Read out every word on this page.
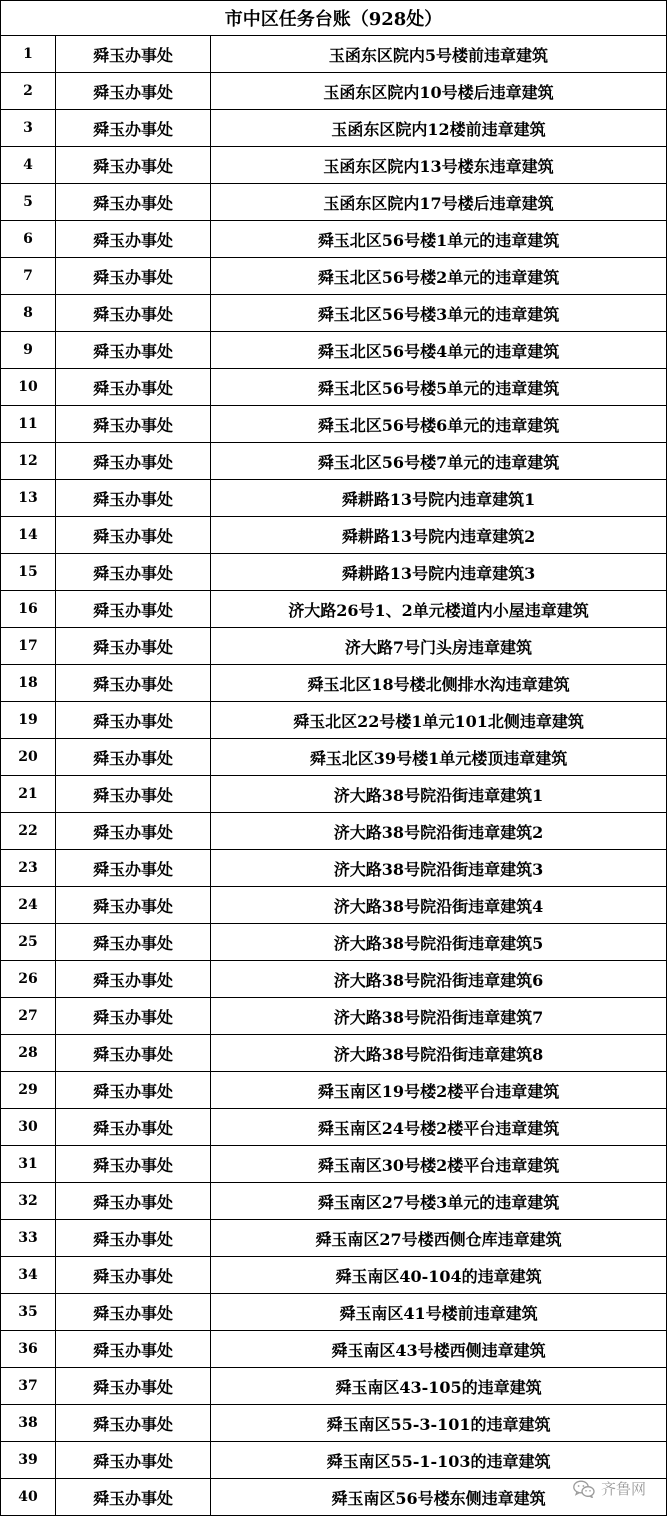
市中区任务台账（928处）		
1	舜玉办事处	玉函东区院内5号楼前违章建筑
2	舜玉办事处	玉函东区院内10号楼后违章建筑
3	舜玉办事处	玉函东区院内12楼前违章建筑
4	舜玉办事处	玉函东区院内13号楼东违章建筑
5	舜玉办事处	玉函东区院内17号楼后违章建筑
6	舜玉办事处	舜玉北区56号楼1单元的违章建筑
7	舜玉办事处	舜玉北区56号楼2单元的违章建筑
8	舜玉办事处	舜玉北区56号楼3单元的违章建筑
9	舜玉办事处	舜玉北区56号楼4单元的违章建筑
10	舜玉办事处	舜玉北区56号楼5单元的违章建筑
11	舜玉办事处	舜玉北区56号楼6单元的违章建筑
12	舜玉办事处	舜玉北区56号楼7单元的违章建筑
13	舜玉办事处	舜耕路13号院内违章建筑1
14	舜玉办事处	舜耕路13号院内违章建筑2
15	舜玉办事处	舜耕路13号院内违章建筑3
16	舜玉办事处	济大路26号1、2单元楼道内小屋违章建筑
17	舜玉办事处	济大路7号门头房违章建筑
18	舜玉办事处	舜玉北区18号楼北侧排水沟违章建筑
19	舜玉办事处	舜玉北区22号楼1单元101北侧违章建筑
20	舜玉办事处	舜玉北区39号楼1单元楼顶违章建筑
21	舜玉办事处	济大路38号院沿街违章建筑1
22	舜玉办事处	济大路38号院沿街违章建筑2
23	舜玉办事处	济大路38号院沿街违章建筑3
24	舜玉办事处	济大路38号院沿街违章建筑4
25	舜玉办事处	济大路38号院沿街违章建筑5
26	舜玉办事处	济大路38号院沿街违章建筑6
27	舜玉办事处	济大路38号院沿街违章建筑7
28	舜玉办事处	济大路38号院沿街违章建筑8
29	舜玉办事处	舜玉南区19号楼2楼平台违章建筑
30	舜玉办事处	舜玉南区24号楼2楼平台违章建筑
31	舜玉办事处	舜玉南区30号楼2楼平台违章建筑
32	舜玉办事处	舜玉南区27号楼3单元的违章建筑
33	舜玉办事处	舜玉南区27号楼西侧仓库违章建筑
34	舜玉办事处	舜玉南区40-104的违章建筑
35	舜玉办事处	舜玉南区41号楼前违章建筑
36	舜玉办事处	舜玉南区43号楼西侧违章建筑
37	舜玉办事处	舜玉南区43-105的违章建筑
38	舜玉办事处	舜玉南区55-3-101的违章建筑
39	舜玉办事处	舜玉南区55-1-103的违章建筑
40	舜玉办事处	舜玉南区56号楼东侧违章建筑	齐鲁网
